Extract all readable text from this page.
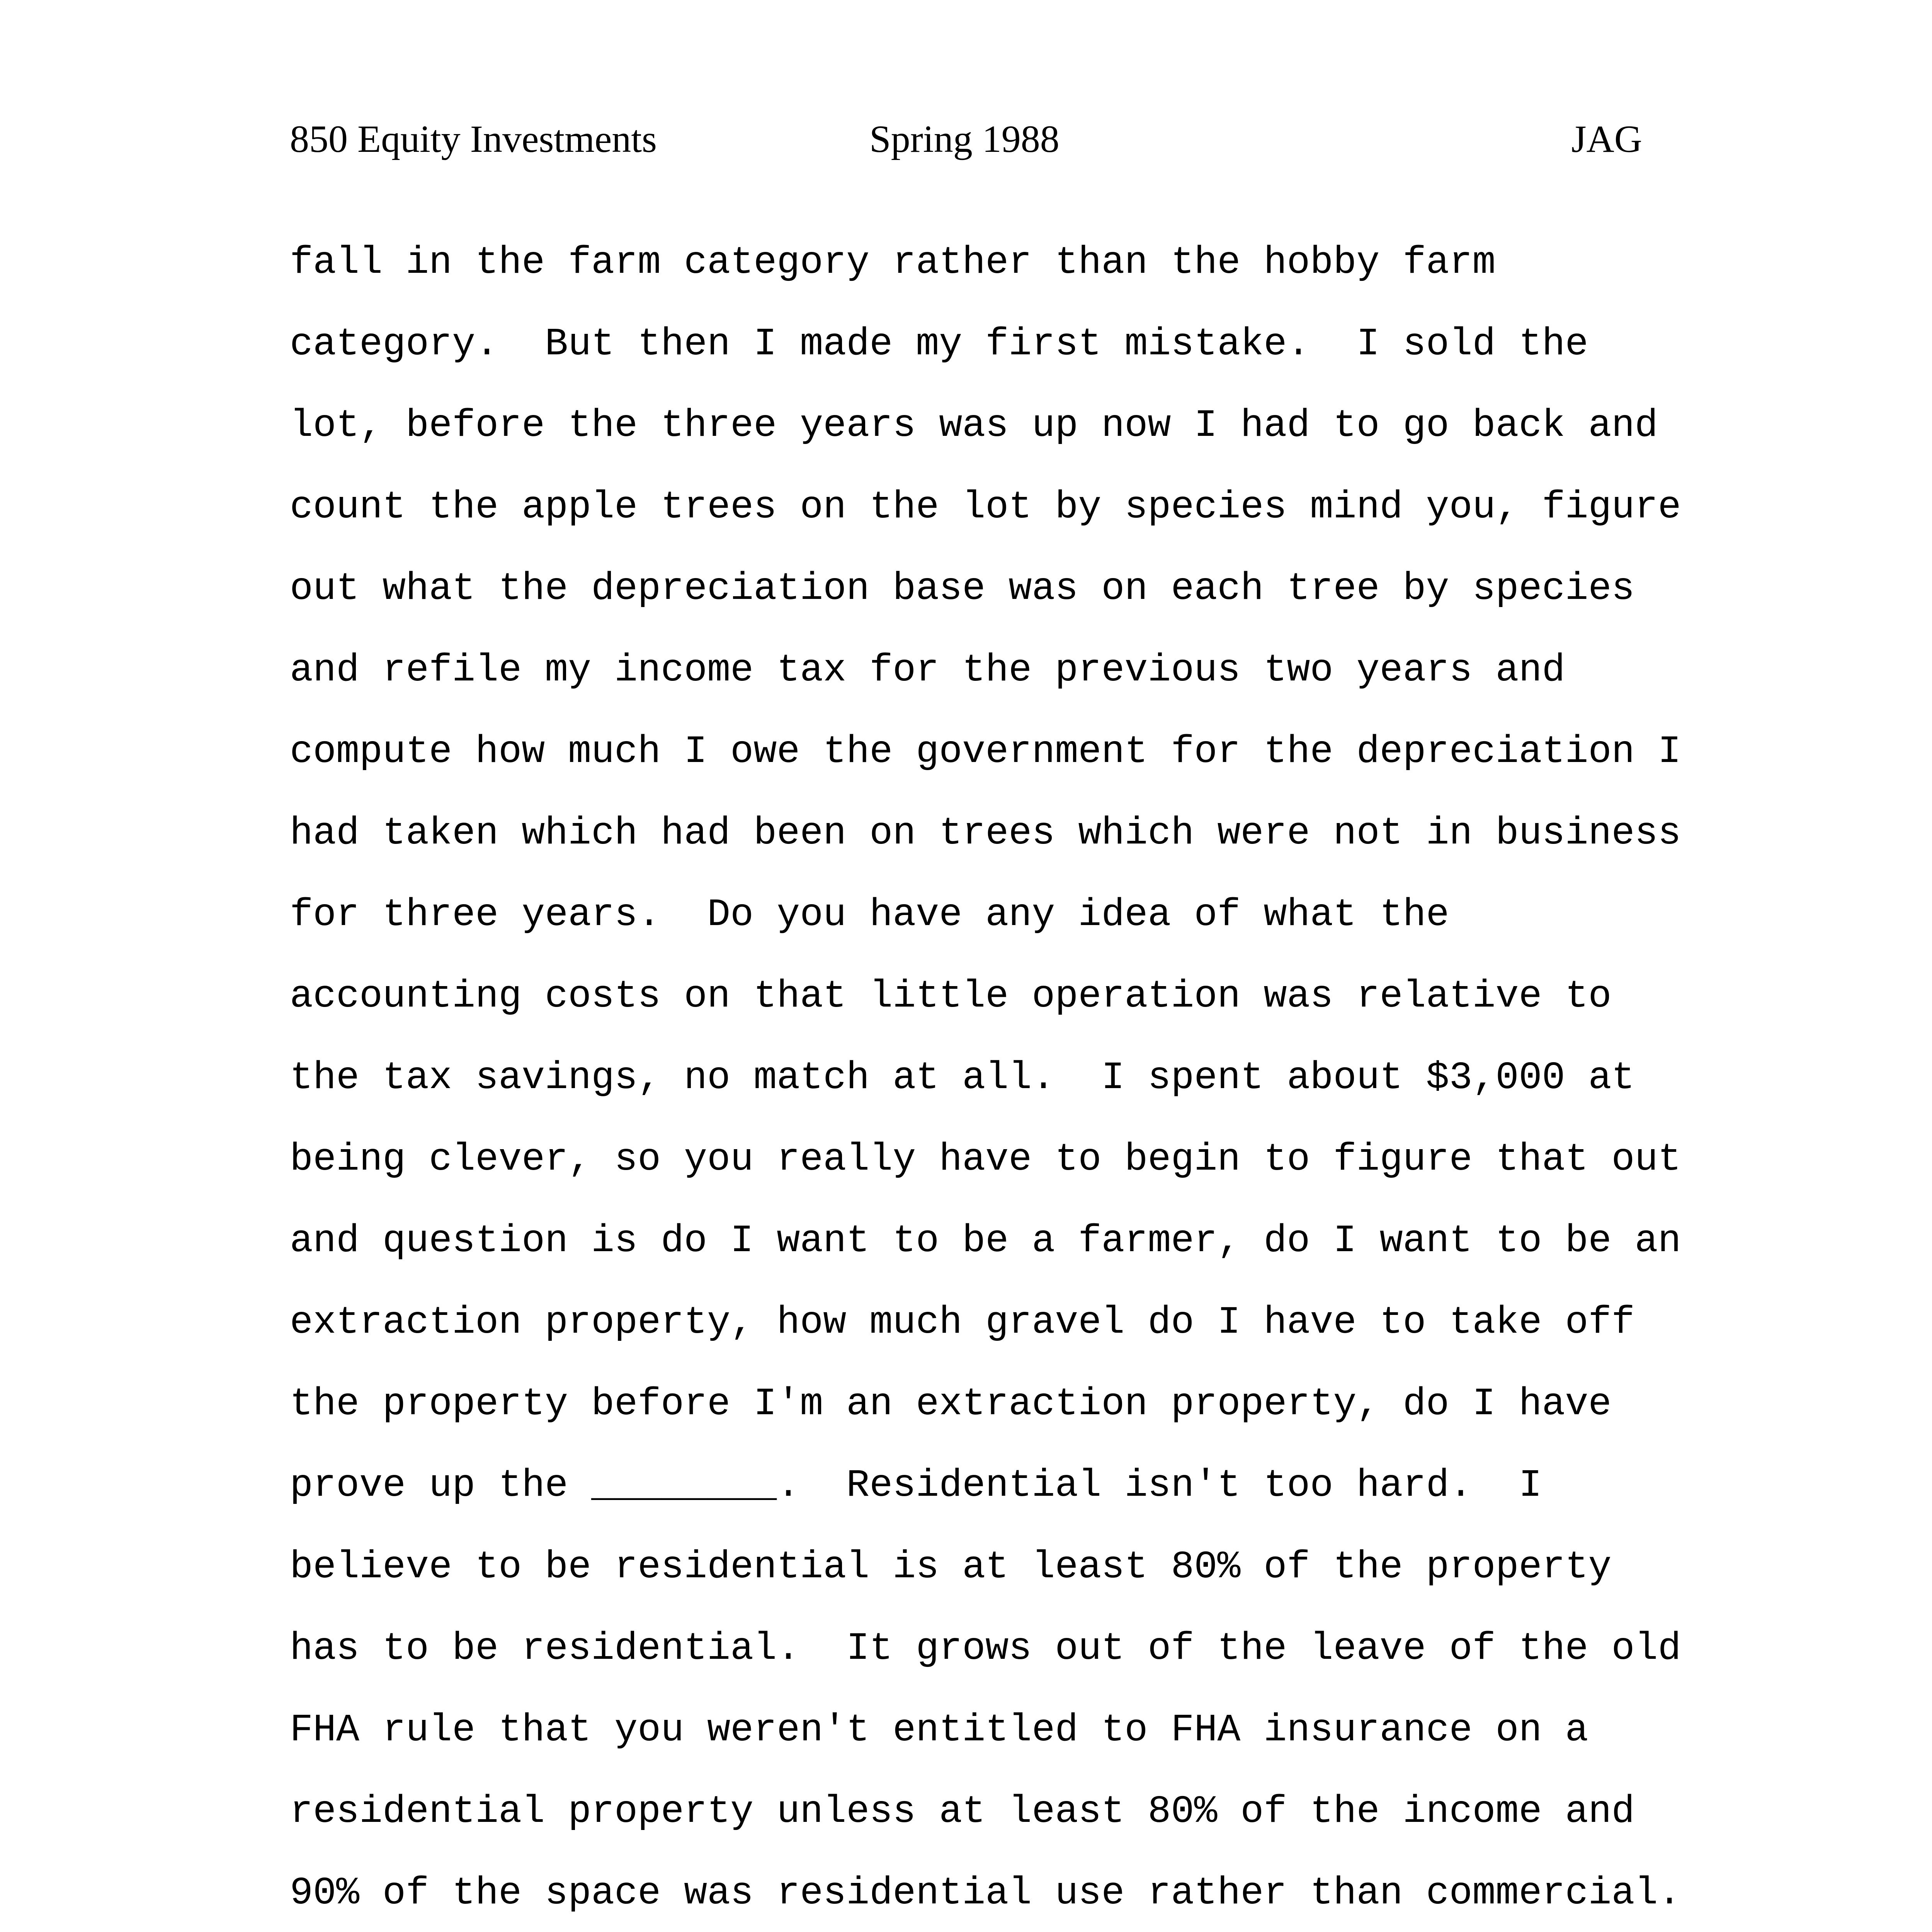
850 Equity Investments	Spring 1988	JAG
fall in the farm category rather than the hobby farm
category.  But then I made my first mistake.  I sold the
lot, before the three years was up now I had to go back and
count the apple trees on the lot by species mind you, figure
out what the depreciation base was on each tree by species
and refile my income tax for the previous two years and
compute how much I owe the government for the depreciation I
had taken which had been on trees which were not in business
for three years.  Do you have any idea of what the
accounting costs on that little operation was relative to
the tax savings, no match at all.  I spent about $3,000 at
being clever, so you really have to begin to figure that out
and question is do I want to be a farmer, do I want to be an
extraction property, how much gravel do I have to take off
the property before I'm an extraction property, do I have
prove up the ________.  Residential isn't too hard.  I
believe to be residential is at least 80% of the property
has to be residential.  It grows out of the leave of the old
FHA rule that you weren't entitled to FHA insurance on a
residential property unless at least 80% of the income and
90% of the space was residential use rather than commercial.
